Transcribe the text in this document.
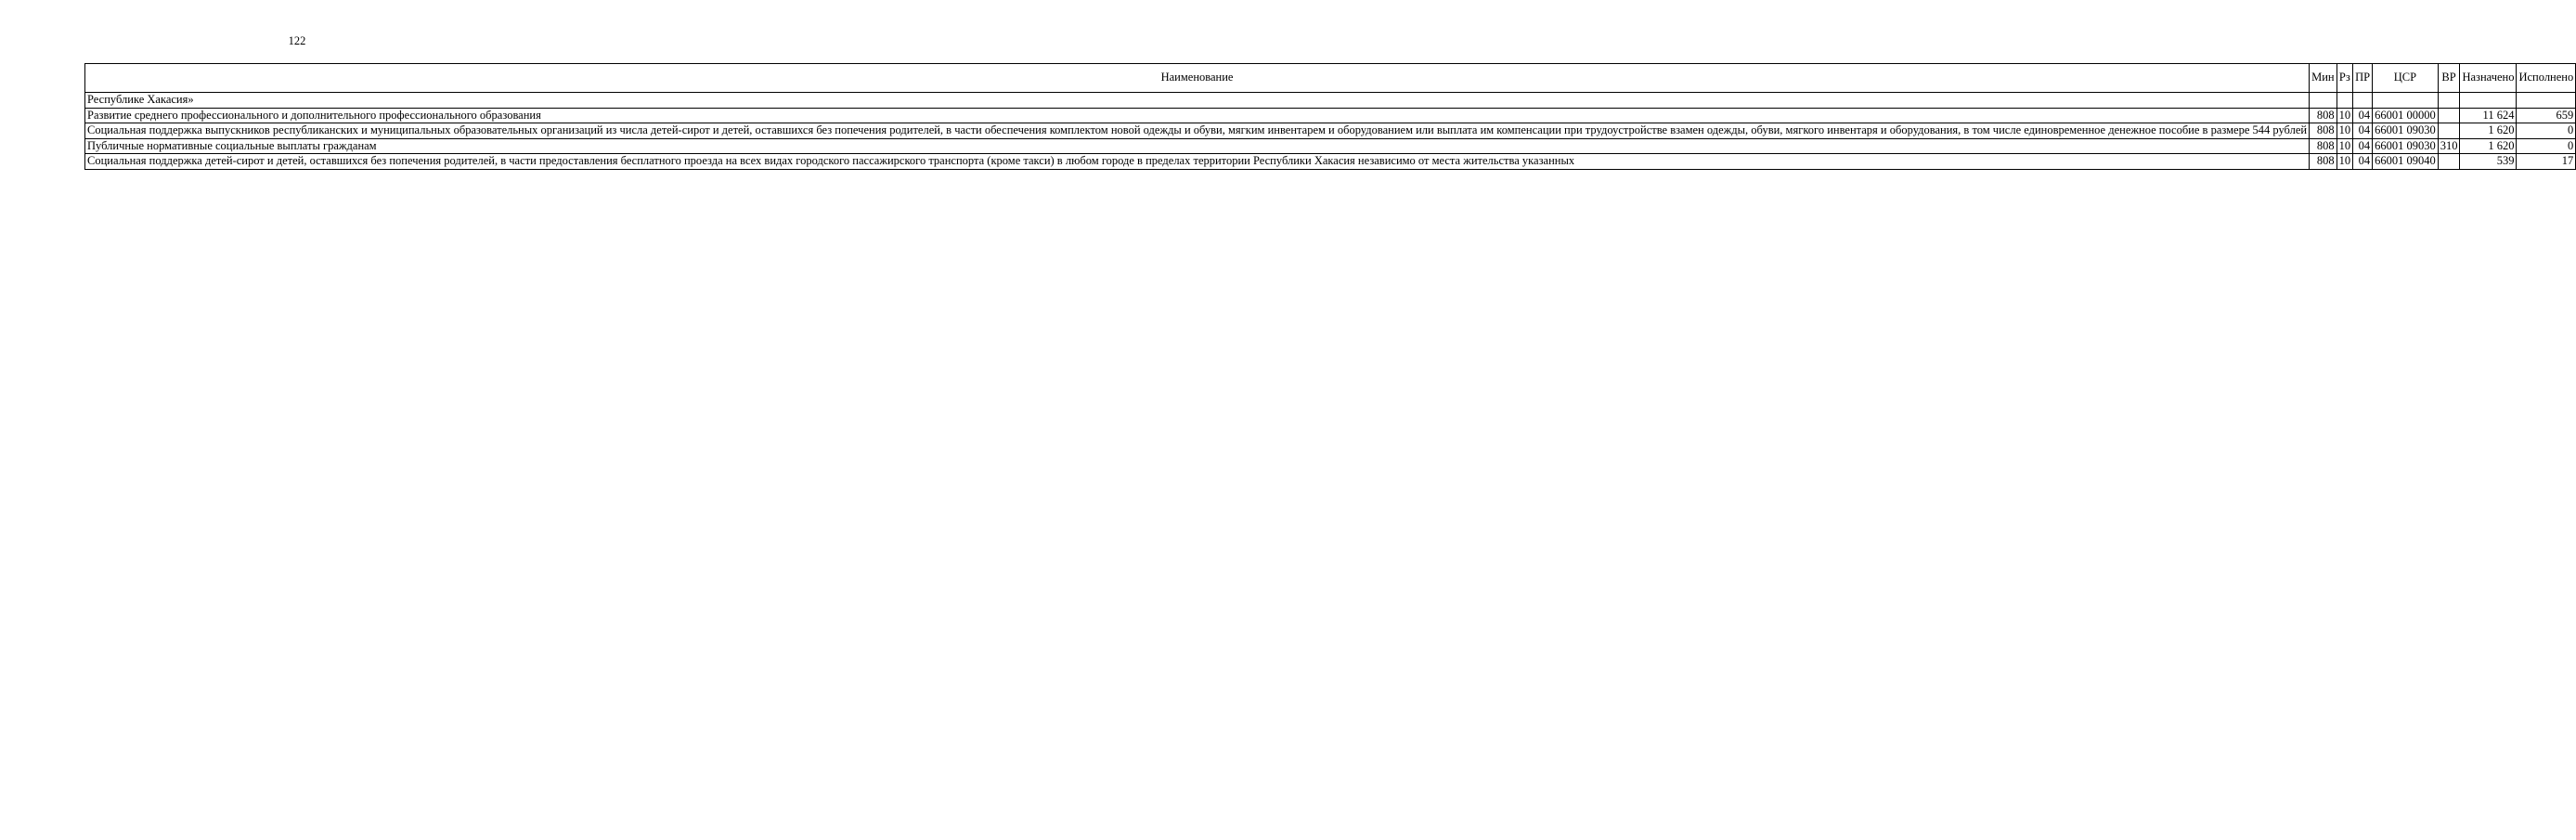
122
Наименование	Мин	Рз	ПР	ЦСР	ВР	Назначено	Исполнено
Республике Хакасия»							
Развитие среднего профессионального и дополнительного профессионального образования	808	10	04	66001 00000		11 624	659
Социальная поддержка выпускников республиканских и муниципальных образовательных организаций из числа детей-сирот и детей, оставшихся без попечения родителей, в части обеспечения комплектом новой одежды и обуви, мягким инвентарем и оборудованием или выплата им компенсации при трудоустройстве взамен одежды, обуви, мягкого инвентаря и оборудования, в том числе единовременное денежное пособие в размере 544 рублей	808	10	04	66001 09030		1 620	0
Публичные нормативные социальные выплаты гражданам	808	10	04	66001 09030	310	1 620	0
Социальная поддержка детей-сирот и детей, оставшихся без попечения родителей, в части предоставления бесплатного проезда на всех видах городского пассажирского транспорта (кроме такси) в любом городе в пределах территории Республики Хакасия независимо от места жительства указанных	808	10	04	66001 09040		539	17
